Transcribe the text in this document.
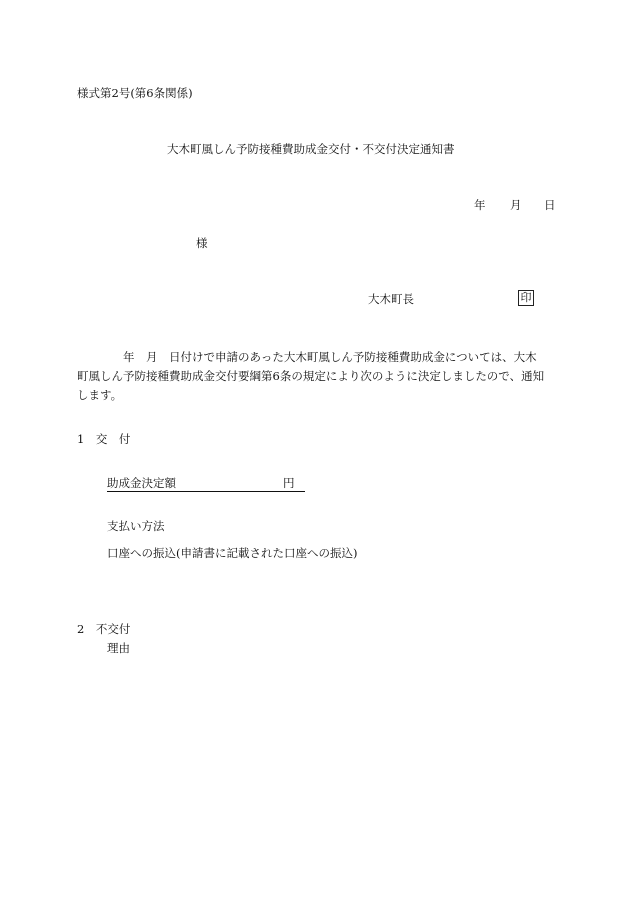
様式第2号(第6条関係)
大木町風しん予防接種費助成金交付・不交付決定通知書
年 月 日
様
大木町長	印
年　月　日付けで申請のあった大木町風しん予防接種費助成金については、大木
町風しん予防接種費助成金交付要綱第6条の規定により次のように決定しましたので、通知
します。
1　交　付
助成金決定額	円
支払い方法
口座への振込(申請書に記載された口座への振込)
2　不交付
理由
